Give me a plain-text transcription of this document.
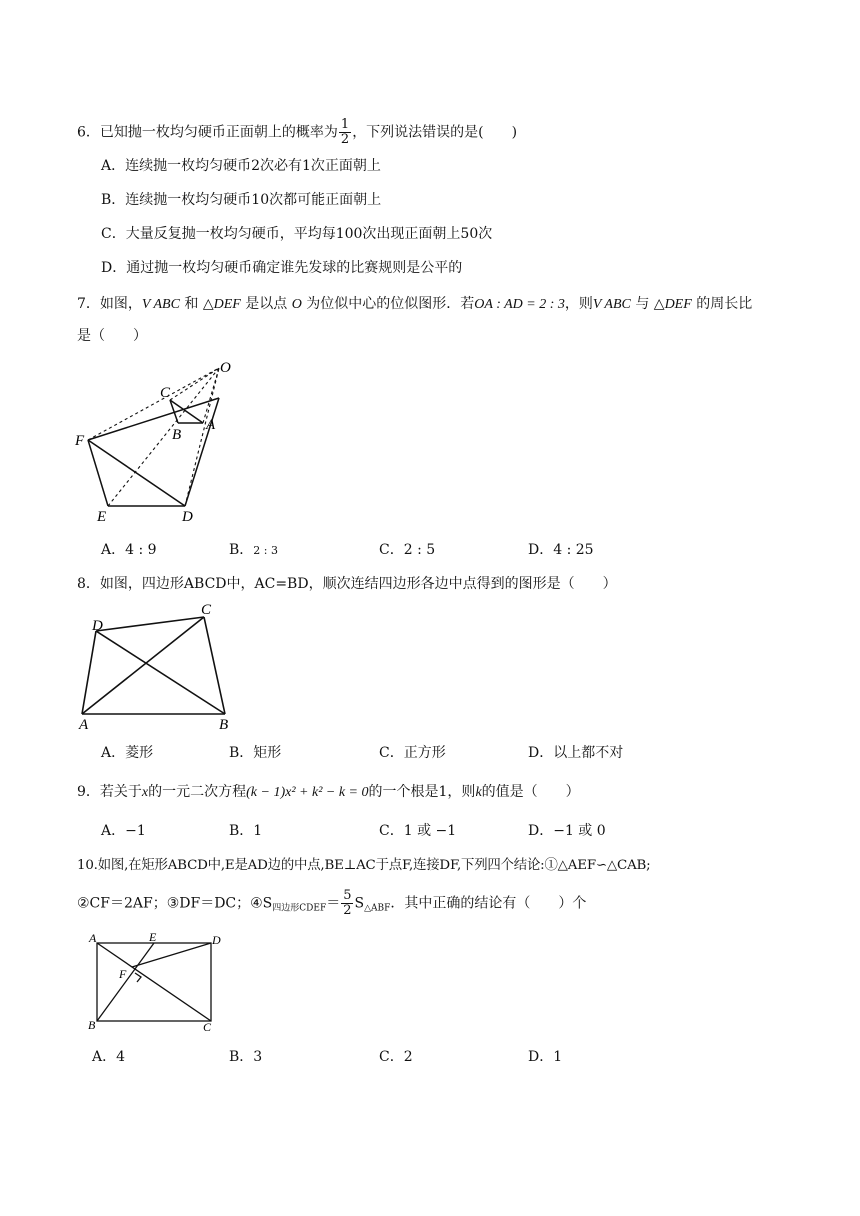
6．已知抛一枚均匀硬币正面朝上的概率为 $\frac{1}{2}$ ，下列说法错误的是(　　)
A．连续抛一枚均匀硬币2次必有1次正面朝上
B．连续抛一枚均匀硬币10次都可能正面朝上
C．大量反复抛一枚均匀硬币，平均每100次出现正面朝上50次
D．通过抛一枚均匀硬币确定谁先发球的比赛规则是公平的
7．如图，V ABC 和 △DEF 是以点 O 为位似中心的位似图形．若OA : AD = 2 : 3，则V ABC 与 △DEF 的周长比
是（　　）
O
C
B
A
F
E	D
A．4 : 9	B．2 : 3	C．2 : 5	D．4 : 25
8．如图，四边形ABCD中，AC=BD，顺次连结四边形各边中点得到的图形是（　　）
D
C
A	B
A．菱形	B．矩形	C．正方形	D．以上都不对
9．若关于x的一元二次方程(k − 1)x² + k² − k = 0的一个根是1，则k的值是（　　）
A．−1	B．1	C．1 或 −1	D．−1 或 0
10.如图,在矩形ABCD中,E是AD边的中点,BE⊥AC于点F,连接DF,下列四个结论:①△AEF∽△CAB;
②CF＝2AF；③DF＝DC；$④S_{四边形CDEF}= \frac{5}{2} S_{\triangle ABF}$．其中正确的结论有（　　）个
A	E	D
F
B	C
A．4	B．3	C．2	D．1
